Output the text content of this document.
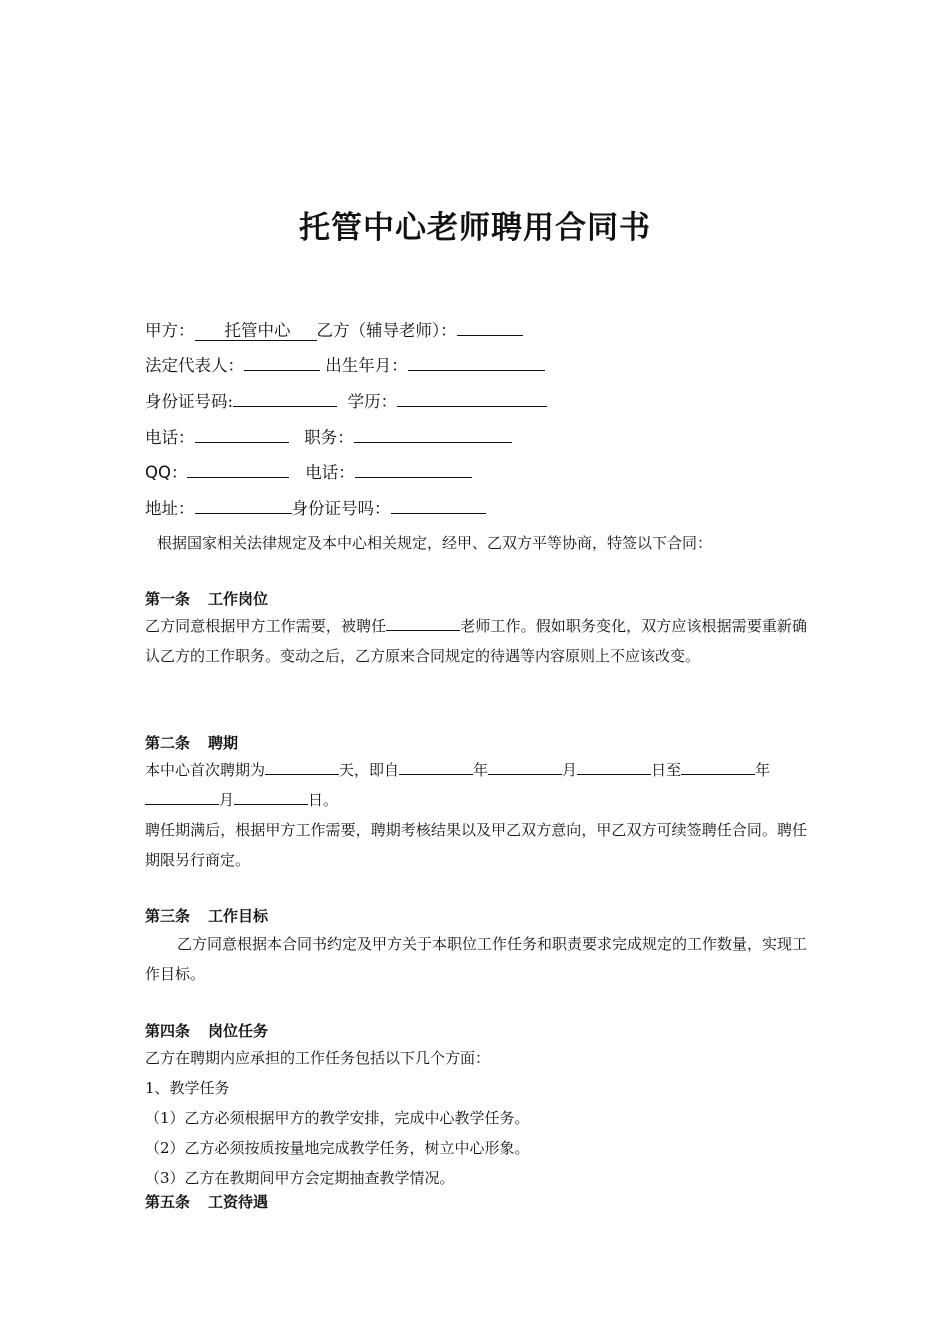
托管中心老师聘用合同书
甲方： 托管中心 乙方（辅导老师）：
法定代表人：	出生年月：
身份证号码:	学历：
电话：	职务：
QQ：	电话：
地址：	身份证号吗：
根据国家相关法律规定及本中心相关规定，经甲、乙双方平等协商，特签以下合同：
第一条 工作岗位
乙方同意根据甲方工作需要，被聘任	老师工作。假如职务变化，双方应该根据需要重新确认乙方的工作职务。变动之后，乙方原来合同规定的待遇等内容原则上不应该改变。
第二条 聘期
本中心首次聘期为	天，即自	年	月	日至	年
月	日。
聘任期满后，根据甲方工作需要，聘期考核结果以及甲乙双方意向，甲乙双方可续签聘任合同。聘任期限另行商定。
第三条 工作目标
乙方同意根据本合同书约定及甲方关于本职位工作任务和职责要求完成规定的工作数量，实现工作目标。
第四条 岗位任务
乙方在聘期内应承担的工作任务包括以下几个方面：
1、教学任务
（1）乙方必须根据甲方的教学安排，完成中心教学任务。
（2）乙方必须按质按量地完成教学任务，树立中心形象。
（3）乙方在教期间甲方会定期抽查教学情况。
第五条 工资待遇
